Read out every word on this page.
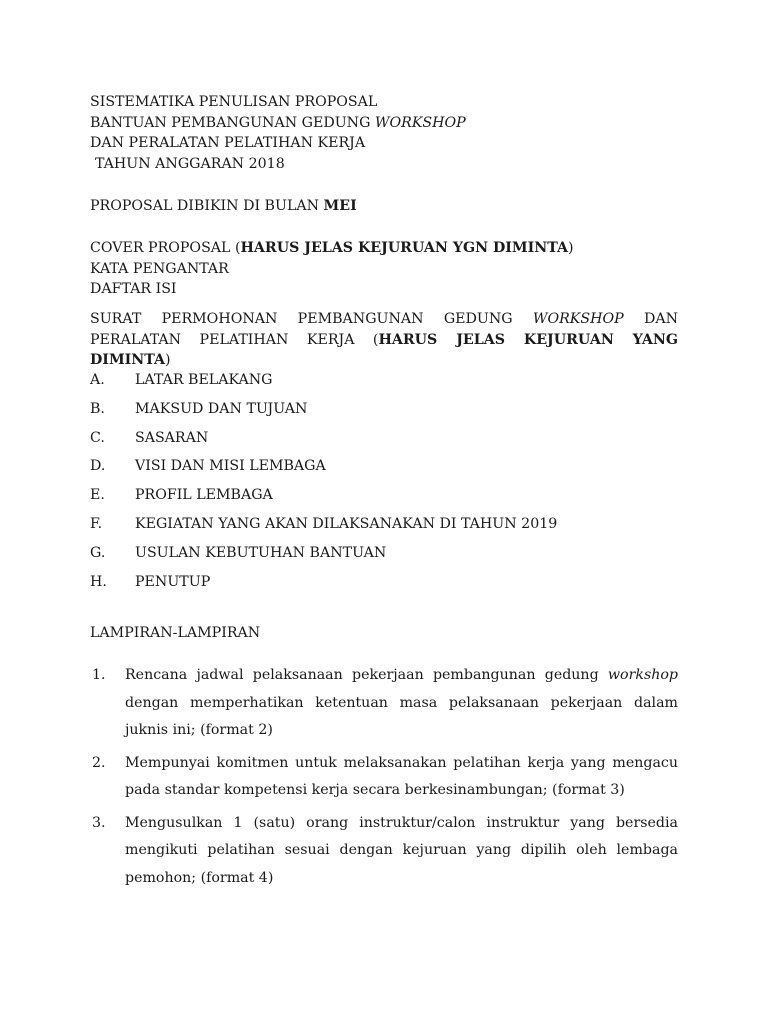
SISTEMATIKA PENULISAN PROPOSAL
BANTUAN PEMBANGUNAN GEDUNG WORKSHOP
DAN PERALATAN PELATIHAN KERJA
TAHUN ANGGARAN 2018
PROPOSAL DIBIKIN DI BULAN MEI
COVER PROPOSAL (HARUS JELAS KEJURUAN YGN DIMINTA)
KATA PENGANTAR
DAFTAR ISI

SURAT PERMOHONAN PEMBANGUNAN GEDUNG WORKSHOP DAN PERALATAN PELATIHAN KERJA (HARUS JELAS KEJURUAN YANG DIMINTA)

A. LATAR BELAKANG
B. MAKSUD DAN TUJUAN
C. SASARAN
D. VISI DAN MISI LEMBAGA
E. PROFIL LEMBAGA
F. KEGIATAN YANG AKAN DILAKSANAKAN DI TAHUN 2019
G. USULAN KEBUTUHAN BANTUAN
H. PENUTUP
LAMPIRAN-LAMPIRAN
1. Rencana jadwal pelaksanaan pekerjaan pembangunan gedung workshop dengan memperhatikan ketentuan masa pelaksanaan pekerjaan dalam juknis ini; (format 2)
2. Mempunyai komitmen untuk melaksanakan pelatihan kerja yang mengacu pada standar kompetensi kerja secara berkesinambungan; (format 3)
3. Mengusulkan 1 (satu) orang instruktur/calon instruktur yang bersedia mengikuti pelatihan sesuai dengan kejuruan yang dipilih oleh lembaga pemohon; (format 4)
